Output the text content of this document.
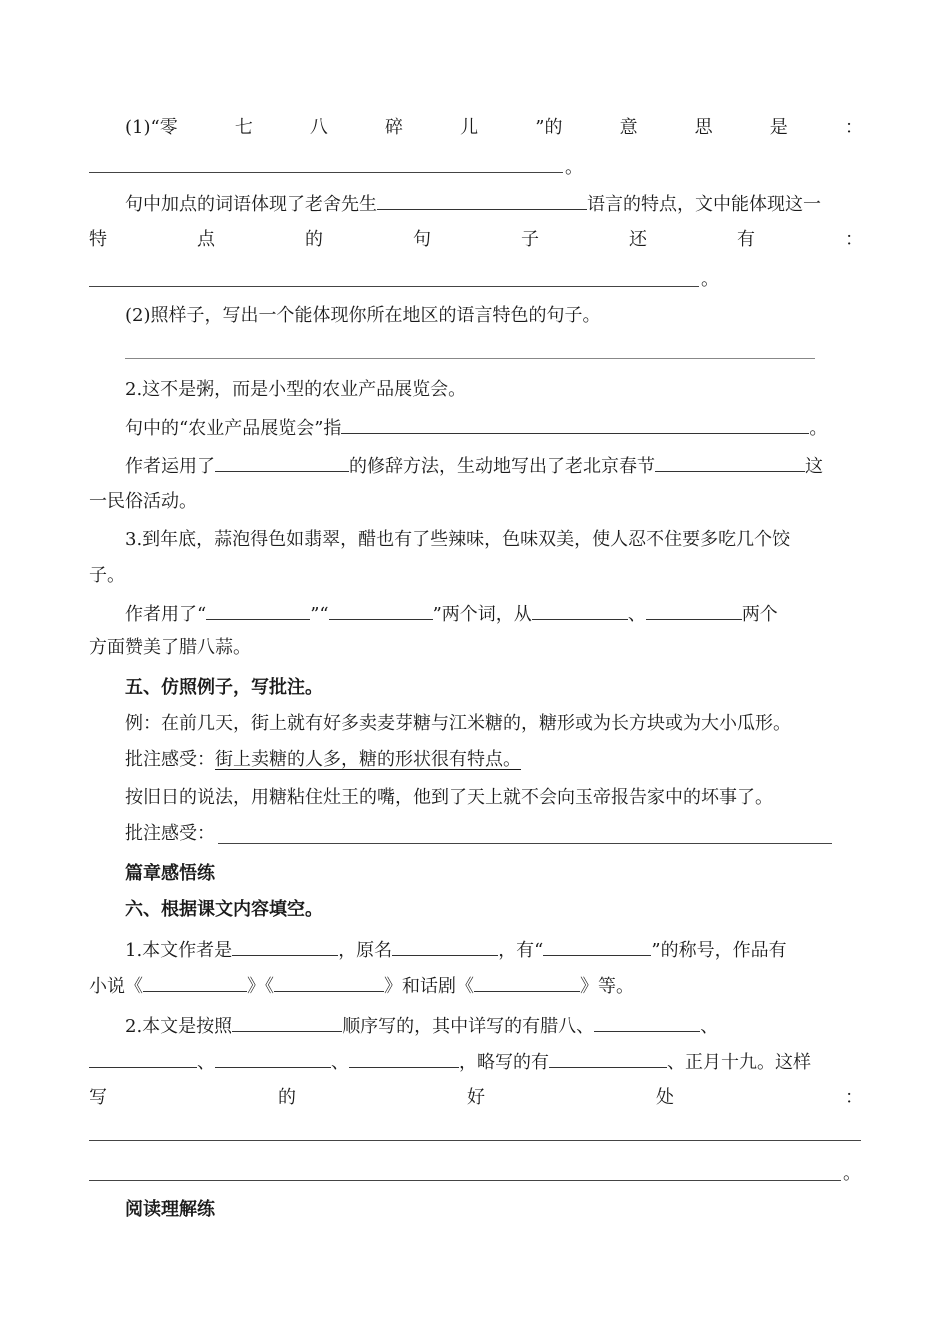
(1)“零	七	八	碎	儿	”的	意	思	是	：
。
句中加点的词语体现了老舍先生	语言的特点，文中能体现这一
特	点	的	句	子	还	有	：
。
(2)照样子，写出一个能体现你所在地区的语言特色的句子。
2.这不是粥，而是小型的农业产品展览会。
句中的“农业产品展览会”指	。
作者运用了	的修辞方法，生动地写出了老北京春节	这
一民俗活动。
3.到年底，蒜泡得色如翡翠，醋也有了些辣味，色味双美，使人忍不住要多吃几个饺
子。
作者用了“	”“	”两个词，从	、	两个
方面赞美了腊八蒜。
五、仿照例子，写批注。
例：在前几天，街上就有好多卖麦芽糖与江米糖的，糖形或为长方块或为大小瓜形。
批注感受：街上卖糖的人多，糖的形状很有特点。
按旧日的说法，用糖粘住灶王的嘴，他到了天上就不会向玉帝报告家中的坏事了。
批注感受：
篇章感悟练
六、根据课文内容填空。
1.本文作者是	，原名	，有“	”的称号，作品有
小说《	》《	》和话剧《	》等。
2.本文是按照	顺序写的，其中详写的有腊八、	、
、	、	，略写的有	、正月十九。这样
写	的	好	处	：
。
阅读理解练
